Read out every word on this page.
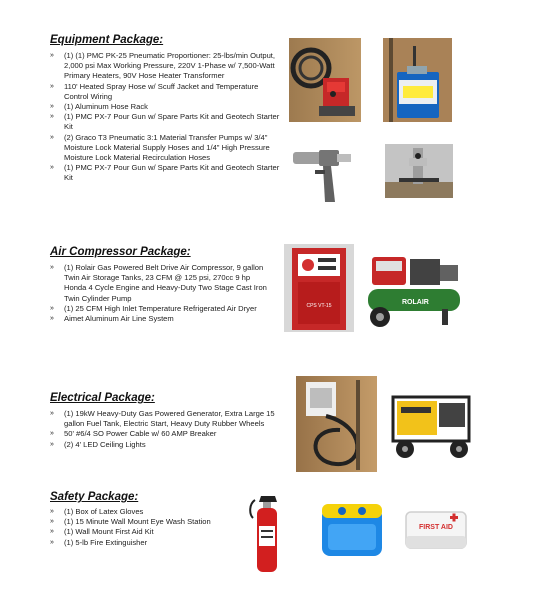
Equipment Package:
» (1) (1) PMC PK-25 Pneumatic Proportioner: 25-lbs/min Output, 2,000 psi Max Working Pressure, 220V 1-Phase w/ 7,500-Watt Primary Heaters, 90V Hose Heater Transformer
» 110' Heated Spray Hose w/ Scuff Jacket and Temperature Control Wiring
» (1) Aluminum Hose Rack
» (1) PMC PX-7 Pour Gun w/ Spare Parts Kit and Geotech Starter Kit
» (2) Graco T3 Pneumatic 3:1 Material Transfer Pumps w/ 3/4" Moisture Lock Material Supply Hoses and 1/4" High Pressure Moisture Lock Material Recirculation Hoses
» (1) PMC PX-7 Pour Gun w/ Spare Parts Kit and Geotech Starter Kit
Air Compressor Package:
» (1) Rolair Gas Powered Belt Drive Air Compressor, 9 gallon Twin Air Storage Tanks, 23 CFM @ 125 psi, 270cc 9 hp Honda 4 Cycle Engine and Heavy-Duty Two Stage Cast Iron Twin Cylinder Pump
» (1) 25 CFM High Inlet Temperature Refrigerated Air Dryer
» Aimet Aluminum Air Line System
CPS VT-15	ROLAIR
Electrical Package:
» (1) 19kW Heavy-Duty Gas Powered Generator, Extra Large 15 gallon Fuel Tank, Electric Start, Heavy Duty Rubber Wheels
» 50' #6/4 SO Power Cable w/ 60 AMP Breaker
» (2) 4' LED Ceiling Lights
Safety Package:
» (1) Box of Latex Gloves
» (1) 15 Minute Wall Mount Eye Wash Station
» (1) Wall Mount First Aid Kit
» (1) 5-lb Fire Extinguisher
FIRST AID
